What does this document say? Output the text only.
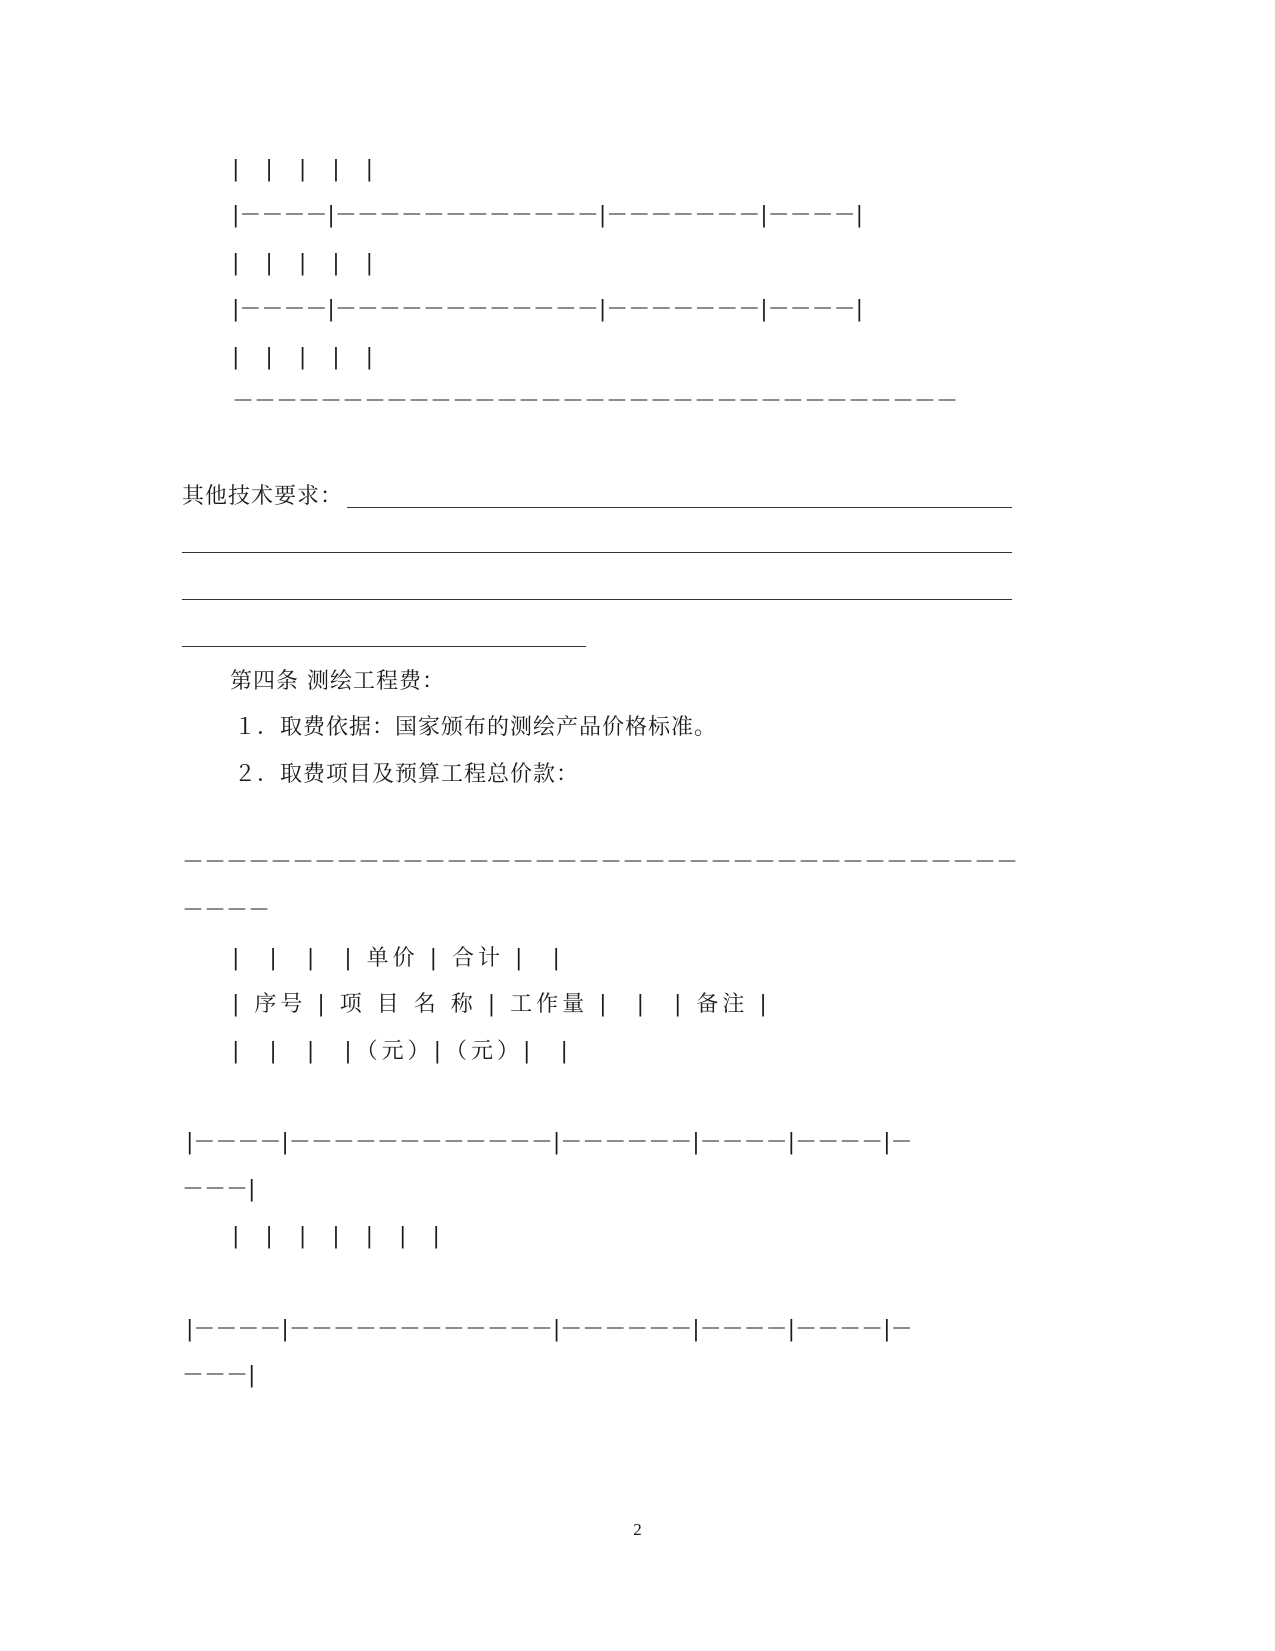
|　|　|　|　|
|－－－－|－－－－－－－－－－－－|－－－－－－－|－－－－|
|　|　|　|　|
|－－－－|－－－－－－－－－－－－|－－－－－－－|－－－－|
|　|　|　|　|
－－－－－－－－－－－－－－－－－－－－－－－－－－－－－－－－－
其他技术要求：
第四条 测绘工程费：
１．取费依据：国家颁布的测绘产品价格标准。
２．取费项目及预算工程总价款：
－－－－－－－－－－－－－－－－－－－－－－－－－－－－－－－－－－－－－－
－－－－
|　|　|　| 单价 | 合计 |　|
| 序号 | 项 目 名 称 | 工作量 |　|　| 备注 |
|　|　|　|（元）|（元）|　|
|－－－－|－－－－－－－－－－－－|－－－－－－|－－－－|－－－－|－
－－－|
|　|　|　|　|　|　|
|－－－－|－－－－－－－－－－－－|－－－－－－|－－－－|－－－－|－
－－－|
2
